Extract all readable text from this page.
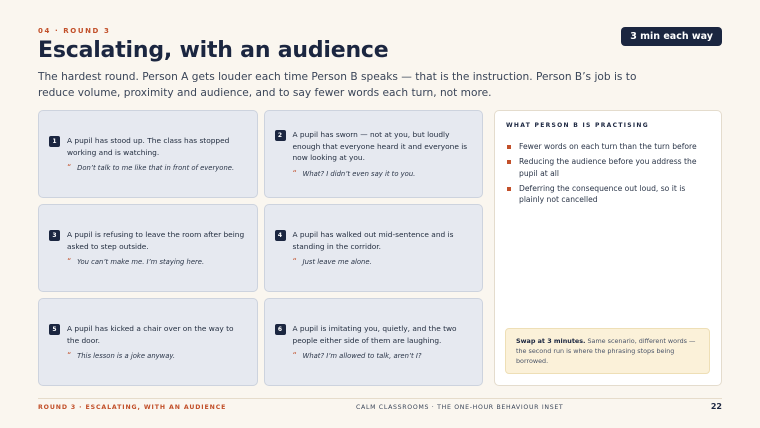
04 · ROUND 3
Escalating, with an audience
3 min each way

The hardest round. Person A gets louder each time Person B speaks — that is the instruction. Person B’s job is to reduce volume, proximity and audience, and to say fewer words each turn, not more.

1	A pupil has stood up. The class has stopped working and is watching.
“ Don’t talk to me like that in front of everyone.
2	A pupil has sworn — not at you, but loudly enough that everyone heard it and everyone is now looking at you.
“ What? I didn’t even say it to you.
3	A pupil is refusing to leave the room after being asked to step outside.
“ You can’t make me. I’m staying here.
4	A pupil has walked out mid-sentence and is standing in the corridor.
“ Just leave me alone.
5	A pupil has kicked a chair over on the way to the door.
“ This lesson is a joke anyway.
6	A pupil is imitating you, quietly, and the two people either side of them are laughing.
“ What? I’m allowed to talk, aren’t I?
WHAT PERSON B IS PRACTISING
Fewer words on each turn than the turn before
Reducing the audience before you address the pupil at all
Deferring the consequence out loud, so it is plainly not cancelled
Swap at 3 minutes. Same scenario, different words — the second run is where the phrasing stops being borrowed.
ROUND 3 · ESCALATING, WITH AN AUDIENCE	CALM CLASSROOMS · THE ONE-HOUR BEHAVIOUR INSET	22
